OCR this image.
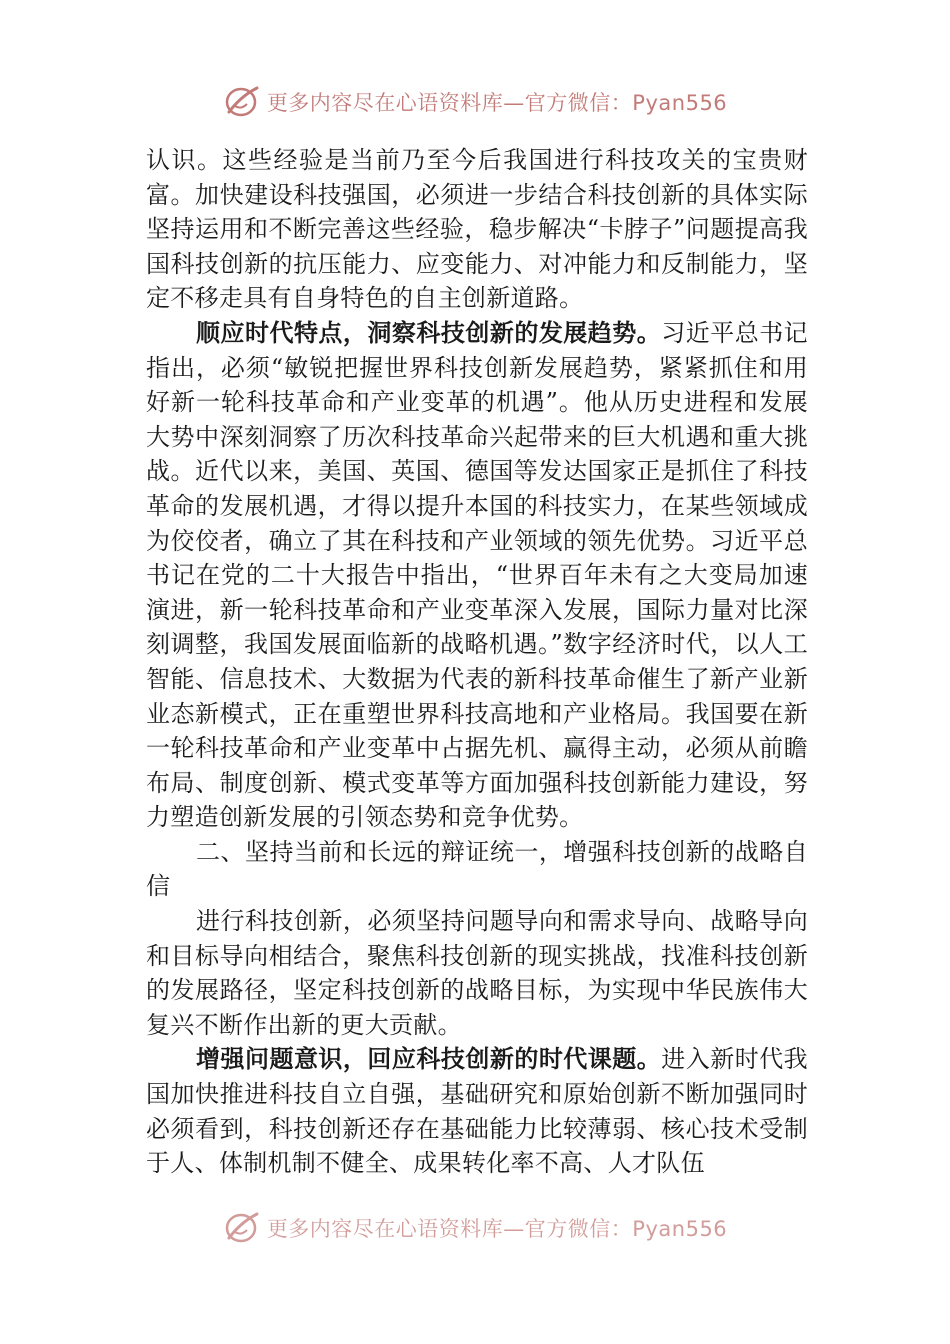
更多内容尽在心语资料库—官方微信：Pyan556

认识。这些经验是当前乃至今后我国进行科技攻关的宝贵财富。加快建设科技强国，必须进一步结合科技创新的具体实际坚持运用和不断完善这些经验，稳步解决“卡脖子”问题提高我国科技创新的抗压能力、应变能力、对冲能力和反制能力，坚定不移走具有自身特色的自主创新道路。

顺应时代特点，洞察科技创新的发展趋势。习近平总书记指出，必须“敏锐把握世界科技创新发展趋势，紧紧抓住和用好新一轮科技革命和产业变革的机遇”。他从历史进程和发展大势中深刻洞察了历次科技革命兴起带来的巨大机遇和重大挑战。近代以来，美国、英国、德国等发达国家正是抓住了科技革命的发展机遇，才得以提升本国的科技实力，在某些领域成为佼佼者，确立了其在科技和产业领域的领先优势。习近平总书记在党的二十大报告中指出，“世界百年未有之大变局加速演进，新一轮科技革命和产业变革深入发展，国际力量对比深刻调整，我国发展面临新的战略机遇。”数字经济时代，以人工智能、信息技术、大数据为代表的新科技革命催生了新产业新业态新模式，正在重塑世界科技高地和产业格局。我国要在新一轮科技革命和产业变革中占据先机、赢得主动，必须从前瞻布局、制度创新、模式变革等方面加强科技创新能力建设，努力塑造创新发展的引领态势和竞争优势。

二、坚持当前和长远的辩证统一，增强科技创新的战略自信

进行科技创新，必须坚持问题导向和需求导向、战略导向和目标导向相结合，聚焦科技创新的现实挑战，找准科技创新的发展路径，坚定科技创新的战略目标，为实现中华民族伟大复兴不断作出新的更大贡献。

增强问题意识，回应科技创新的时代课题。进入新时代我国加快推进科技自立自强，基础研究和原始创新不断加强同时必须看到，科技创新还存在基础能力比较薄弱、核心技术受制于人、体制机制不健全、成果转化率不高、人才队伍

更多内容尽在心语资料库—官方微信：Pyan556
